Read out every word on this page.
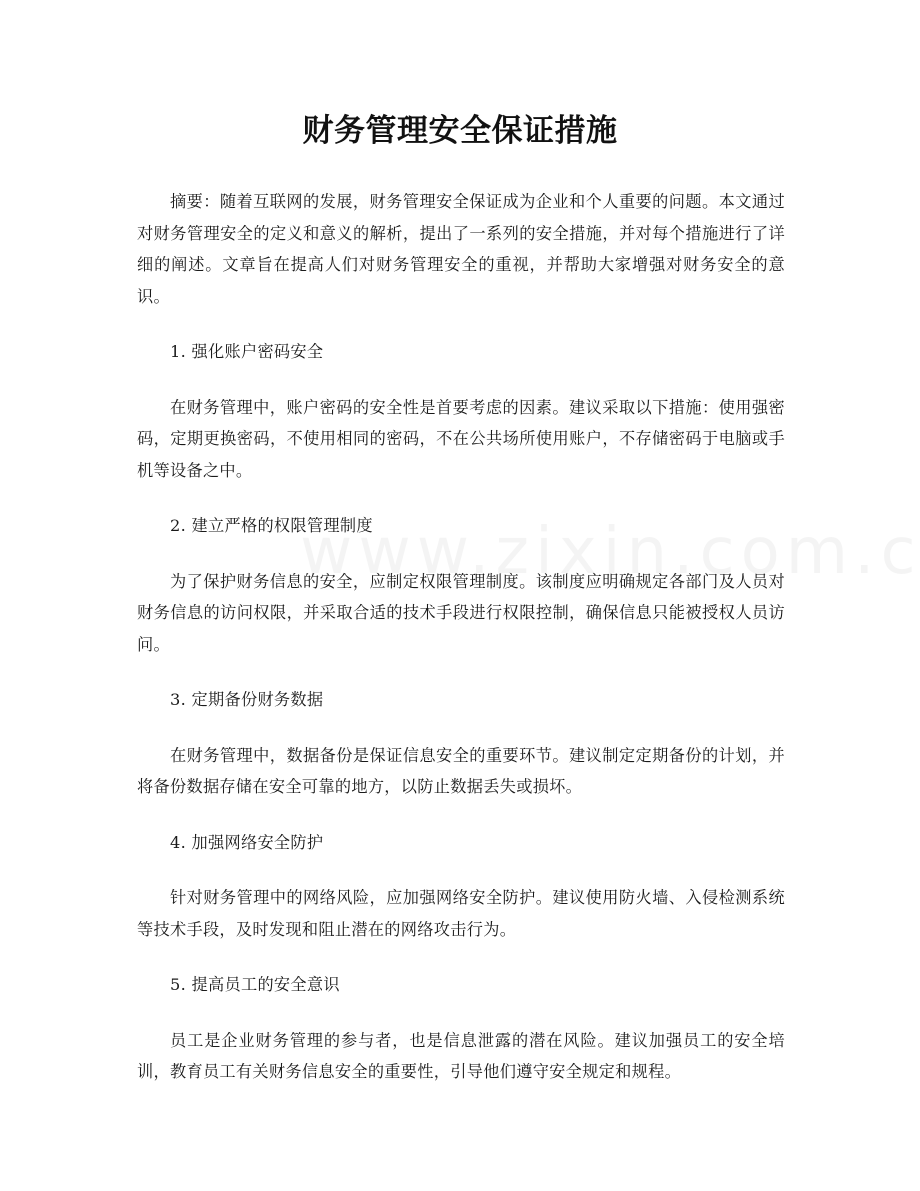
财务管理安全保证措施

摘要：随着互联网的发展，财务管理安全保证成为企业和个人重要的问题。本文通过对财务管理安全的定义和意义的解析，提出了一系列的安全措施，并对每个措施进行了详细的阐述。文章旨在提高人们对财务管理安全的重视，并帮助大家增强对财务安全的意识。

1. 强化账户密码安全

在财务管理中，账户密码的安全性是首要考虑的因素。建议采取以下措施：使用强密码，定期更换密码，不使用相同的密码，不在公共场所使用账户，不存储密码于电脑或手机等设备之中。

2. 建立严格的权限管理制度

为了保护财务信息的安全，应制定权限管理制度。该制度应明确规定各部门及人员对财务信息的访问权限，并采取合适的技术手段进行权限控制，确保信息只能被授权人员访问。

3. 定期备份财务数据

在财务管理中，数据备份是保证信息安全的重要环节。建议制定定期备份的计划，并将备份数据存储在安全可靠的地方，以防止数据丢失或损坏。

4. 加强网络安全防护

针对财务管理中的网络风险，应加强网络安全防护。建议使用防火墙、入侵检测系统等技术手段，及时发现和阻止潜在的网络攻击行为。

5. 提高员工的安全意识

员工是企业财务管理的参与者，也是信息泄露的潜在风险。建议加强员工的安全培训，教育员工有关财务信息安全的重要性，引导他们遵守安全规定和规程。
